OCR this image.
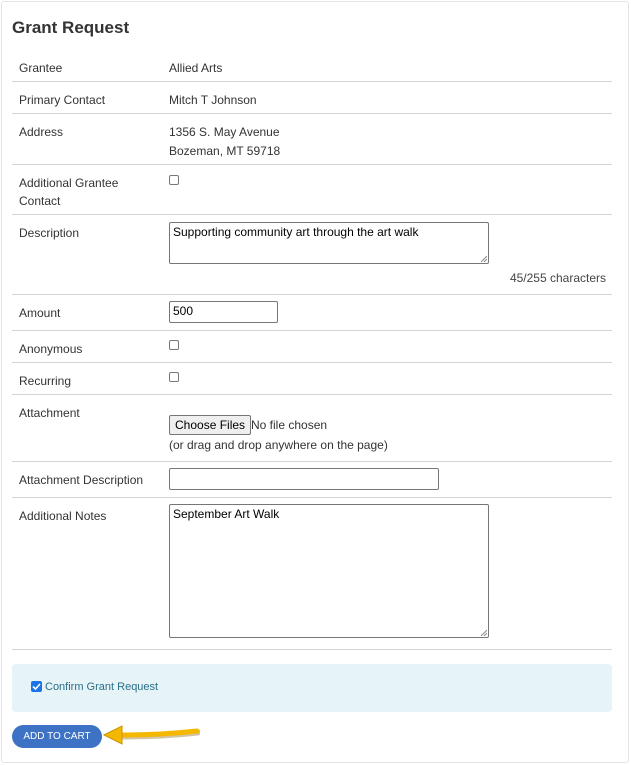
Grant Request
Grantee	Allied Arts
Primary Contact	Mitch T Johnson
Address	1356 S. May Avenue
Bozeman, MT 59718
Additional Grantee Contact
Description	Supporting community art through the art walk
45/255 characters
Amount	500
Anonymous
Recurring
Attachment
Choose Files No file chosen
(or drag and drop anywhere on the page)
Attachment Description
Additional Notes	September Art Walk
Confirm Grant Request
ADD TO CART
